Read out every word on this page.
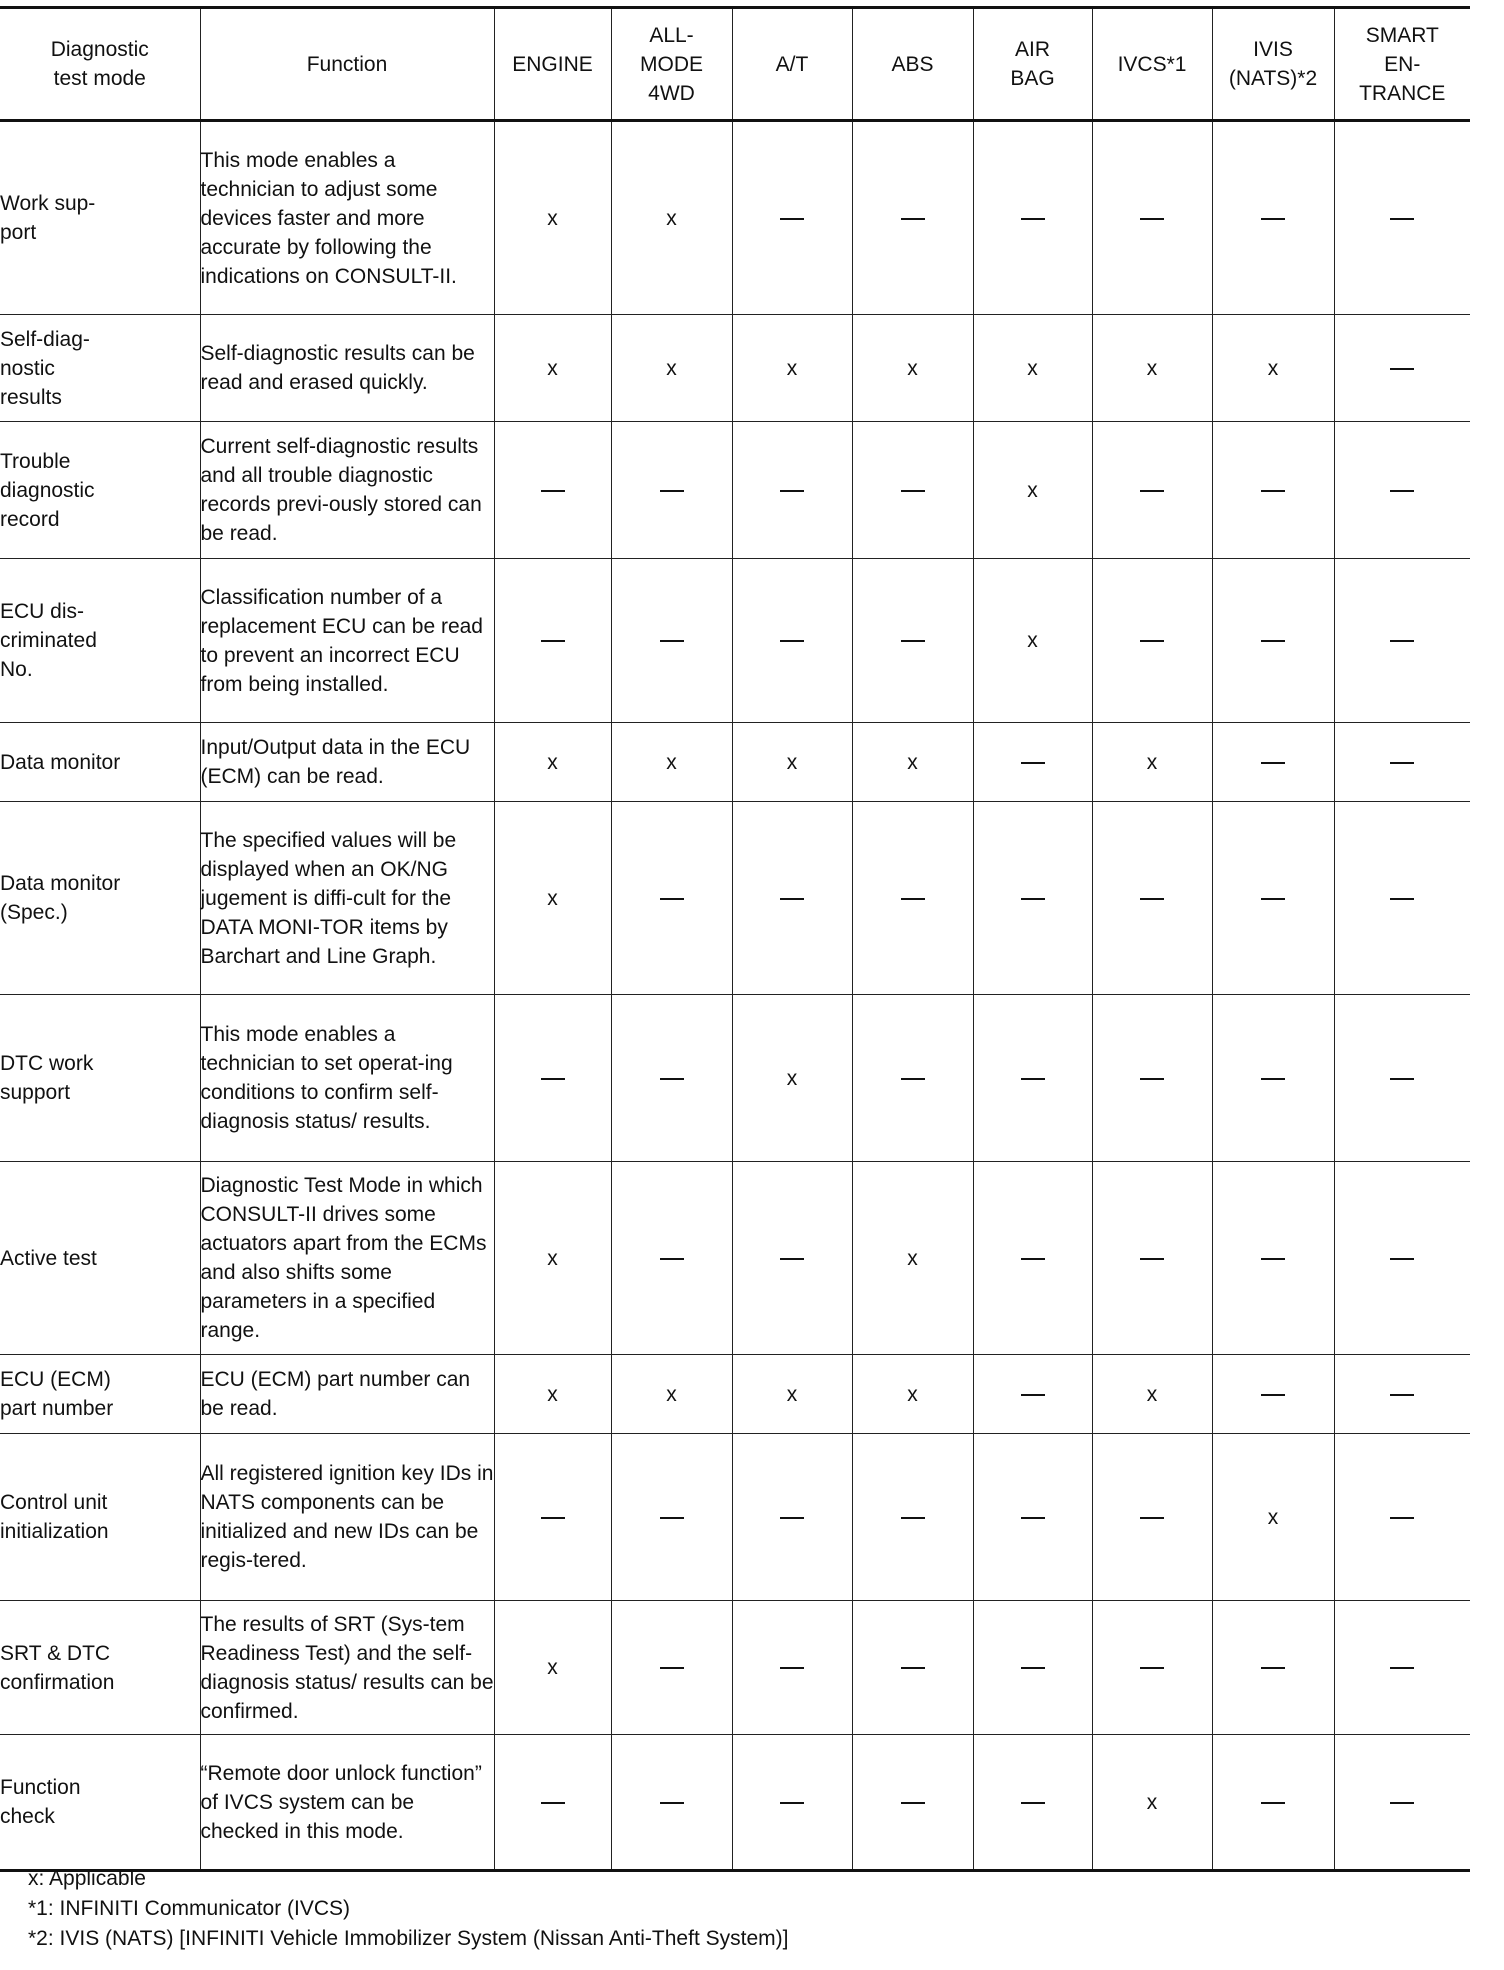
Diagnostic test mode	Function	ENGINE	ALL-MODE 4WD	A/T	ABS	AIR BAG	IVCS*1	IVIS (NATS)*2	SMART EN-TRANCE

Work sup-port	This mode enables a technician to adjust some devices faster and more accurate by following the indications on CONSULT-II.	x	x						

Self-diag-nostic results	Self-diagnostic results can be read and erased quickly.	x	x	x	x	x	x	x	

Trouble diagnostic record	Current self-diagnostic results and all trouble diagnostic records previ-ously stored can be read.					x			

ECU dis-criminated No.	Classification number of a replacement ECU can be read to prevent an incorrect ECU from being installed.					x			

Data monitor	Input/Output data in the ECU (ECM) can be read.	x	x	x	x		x		

Data monitor (Spec.)	The specified values will be displayed when an OK/NG jugement is diffi-cult for the DATA MONI-TOR items by Barchart and Line Graph.	x							

DTC work support	This mode enables a technician to set operat-ing conditions to confirm self-diagnosis status/ results.			x					

Active test	Diagnostic Test Mode in which CONSULT-II drives some actuators apart from the ECMs and also shifts some parameters in a specified range.	x			x				

ECU (ECM) part number	ECU (ECM) part number can be read.	x	x	x	x		x		

Control unit initialization	All registered ignition key IDs in NATS components can be initialized and new IDs can be regis-tered.							x	

SRT & DTC confirmation	The results of SRT (Sys-tem Readiness Test) and the self-diagnosis status/ results can be confirmed.	x							

Function check	“Remote door unlock function” of IVCS system can be checked in this mode.						x		
x: Applicable
*1: INFINITI Communicator (IVCS)
*2: IVIS (NATS) [INFINITI Vehicle Immobilizer System (Nissan Anti-Theft System)]
